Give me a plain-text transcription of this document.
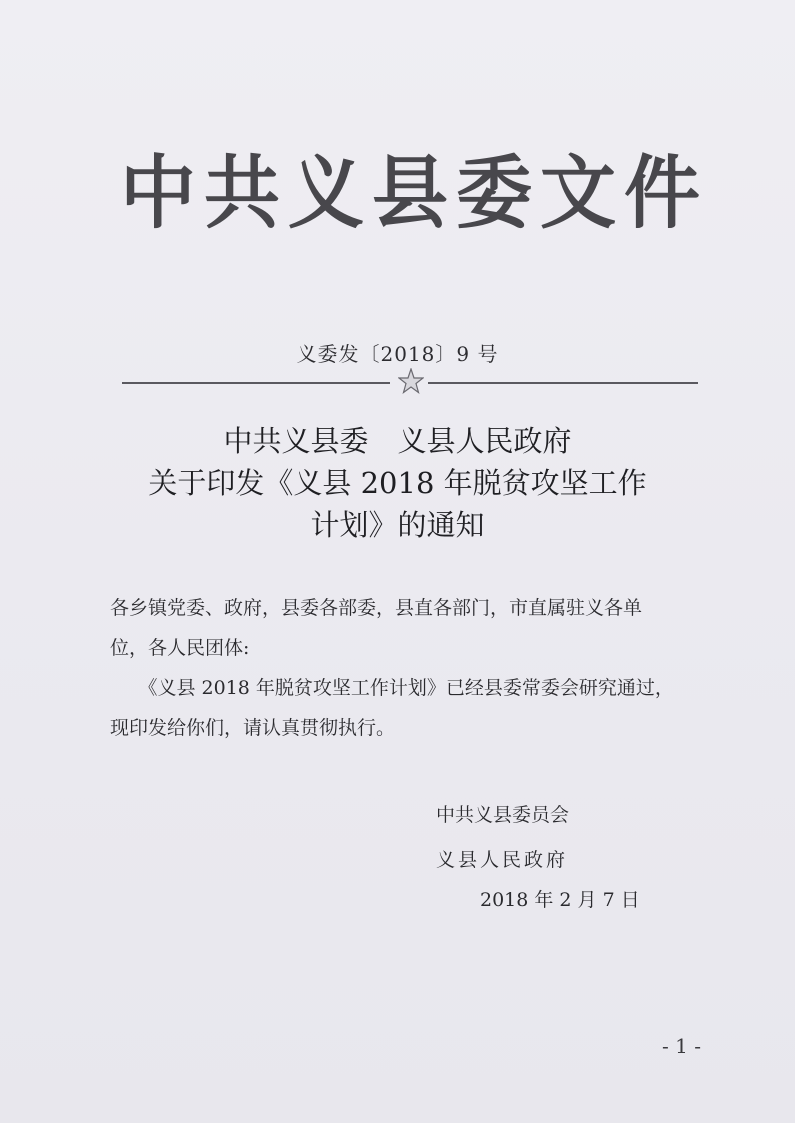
中 共 义 县 委 文 件
义委发〔2018〕9 号
中共义县委　义县人民政府
关于印发《义县 2018 年脱贫攻坚工作
计划》的通知

各乡镇党委、政府，县委各部委，县直各部门，市直属驻义各单

位，各人民团体:

　　《义县 2018 年脱贫攻坚工作计划》已经县委常委会研究通过，

现印发给你们，请认真贯彻执行。

中共义县委员会
义县人民政府
2018 年 2 月 7 日
- 1 -
